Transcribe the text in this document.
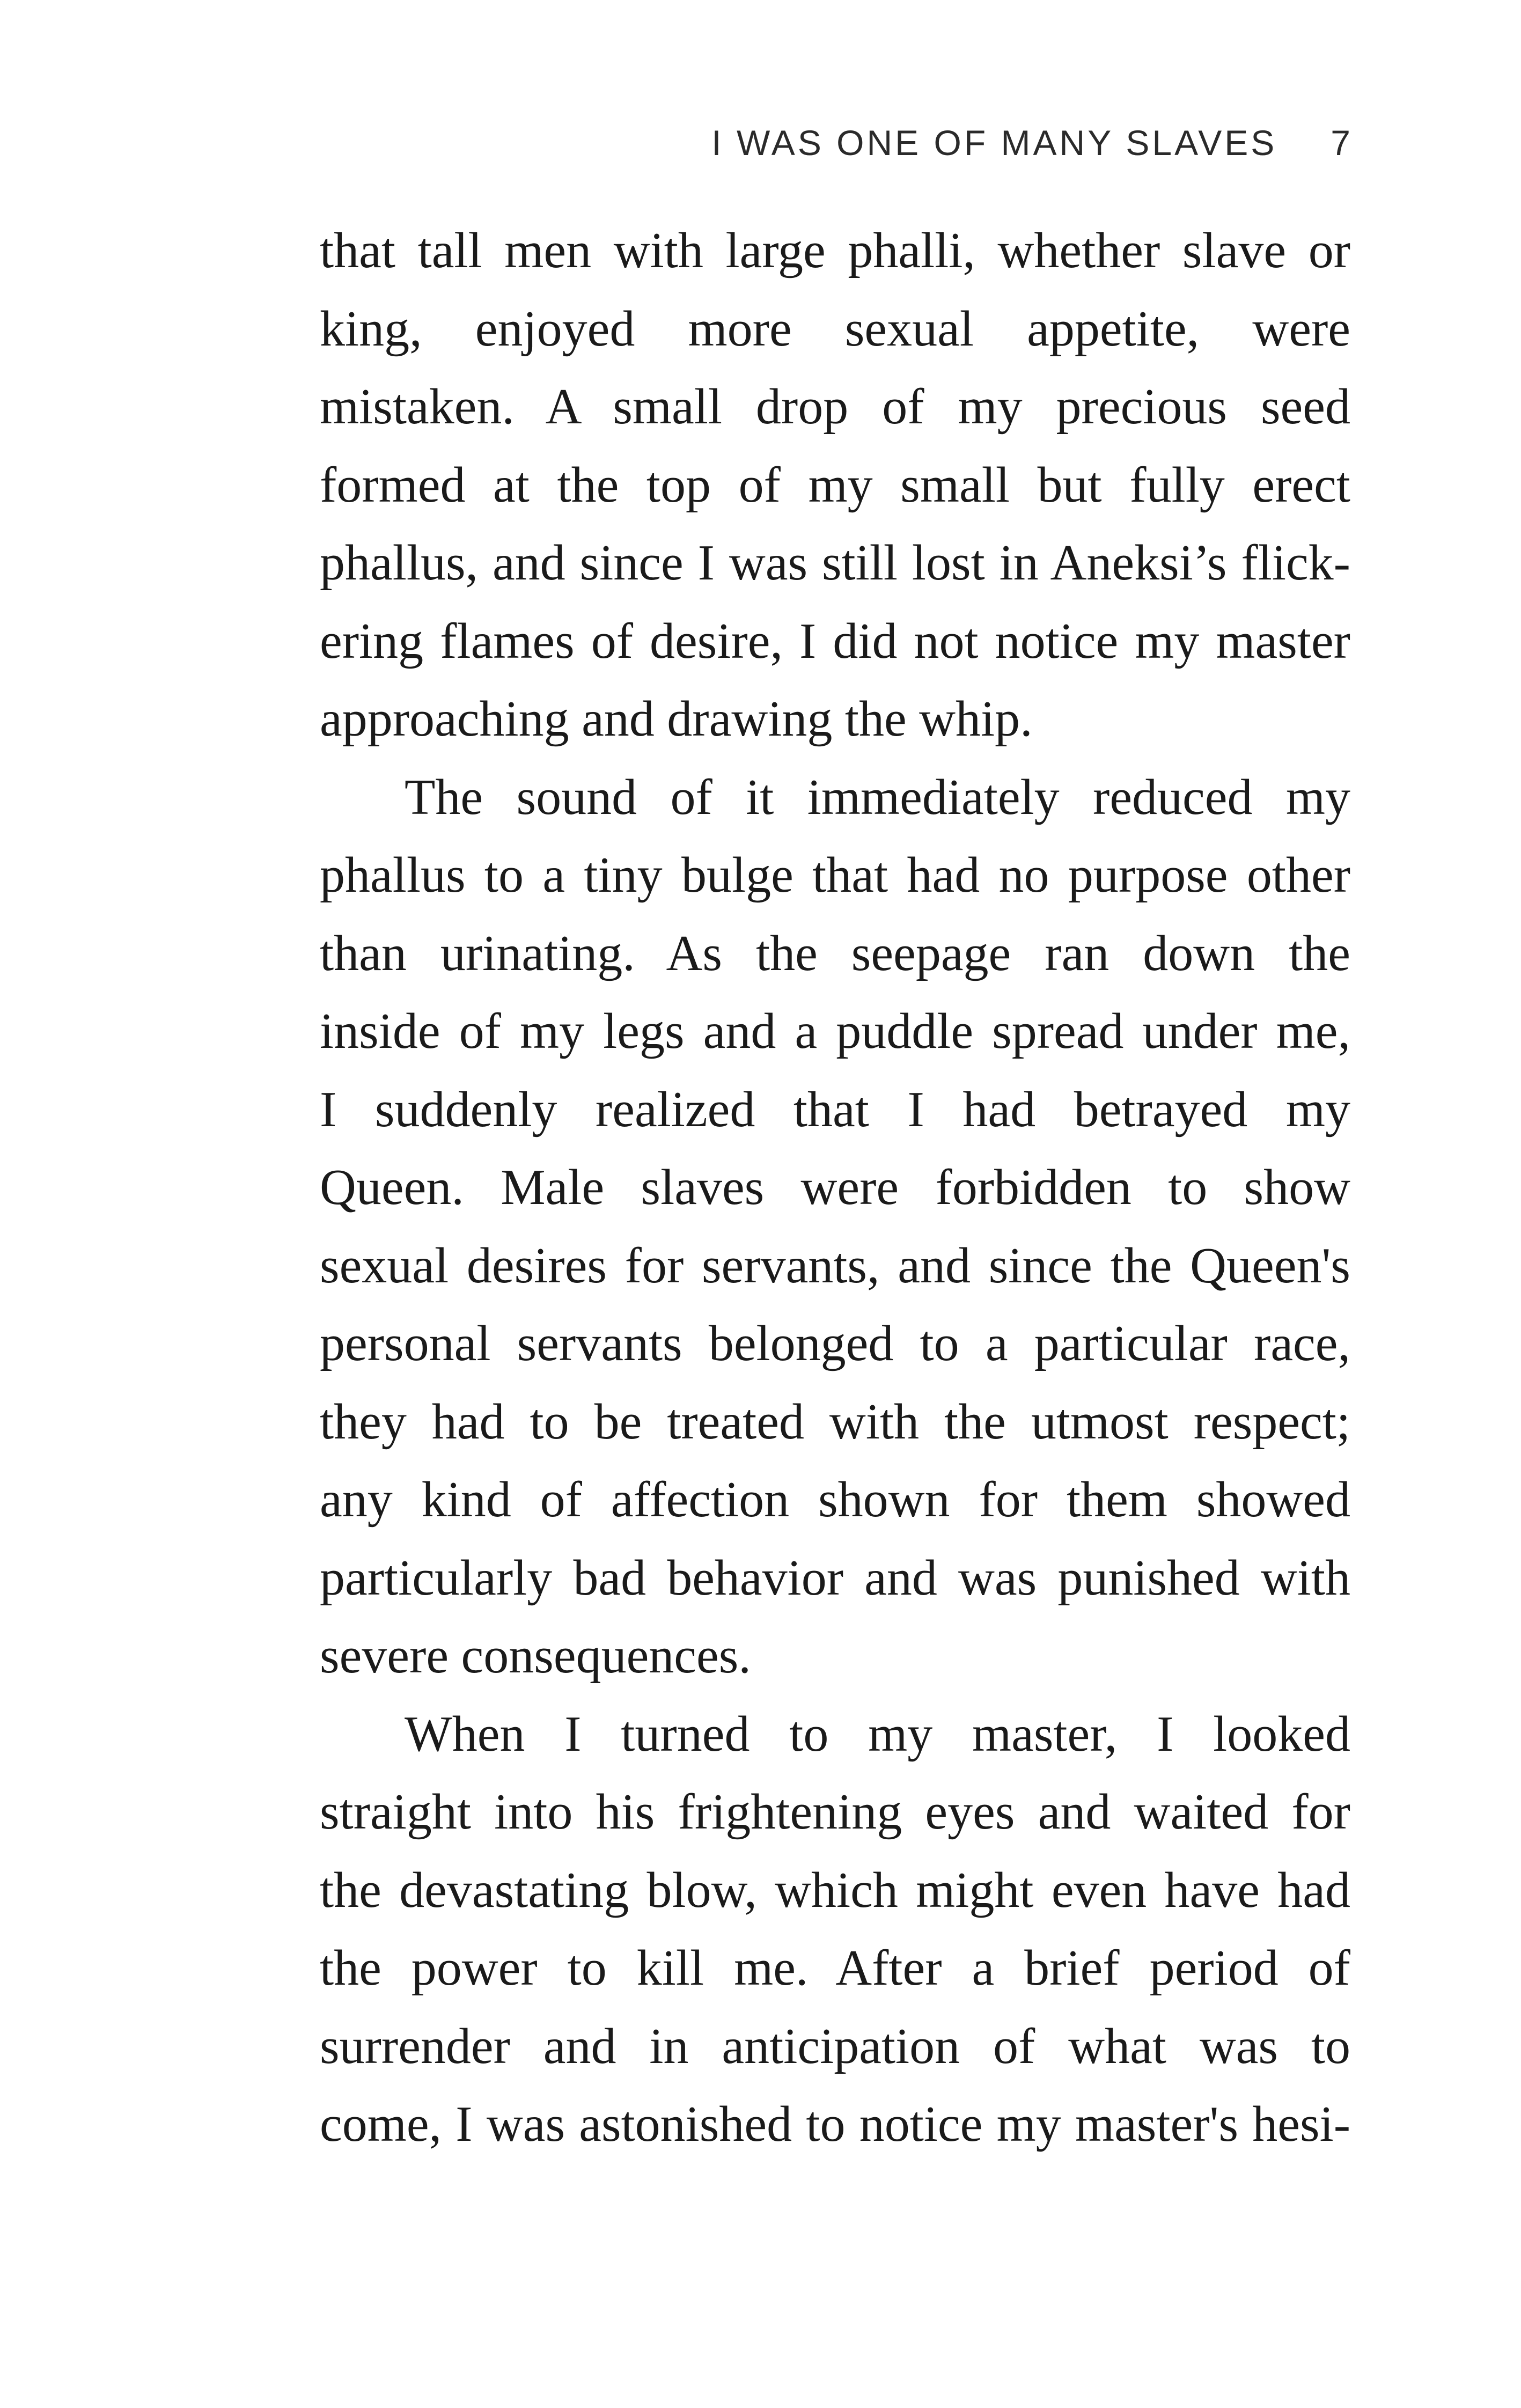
I WAS ONE OF MANY SLAVES 7

that tall men with large phalli, whether slave or
king, enjoyed more sexual appetite, were
mistaken. A small drop of my precious seed
formed at the top of my small but fully erect
phallus, and since I was still lost in Aneksi’s flick-
ering flames of desire, I did not notice my master
approaching and drawing the whip.

The sound of it immediately reduced my
phallus to a tiny bulge that had no purpose other
than urinating. As the seepage ran down the
inside of my legs and a puddle spread under me,
I suddenly realized that I had betrayed my
Queen. Male slaves were forbidden to show
sexual desires for servants, and since the Queen's
personal servants belonged to a particular race,
they had to be treated with the utmost respect;
any kind of affection shown for them showed
particularly bad behavior and was punished with
severe consequences.

When I turned to my master, I looked
straight into his frightening eyes and waited for
the devastating blow, which might even have had
the power to kill me. After a brief period of
surrender and in anticipation of what was to
come, I was astonished to notice my master's hesi-
